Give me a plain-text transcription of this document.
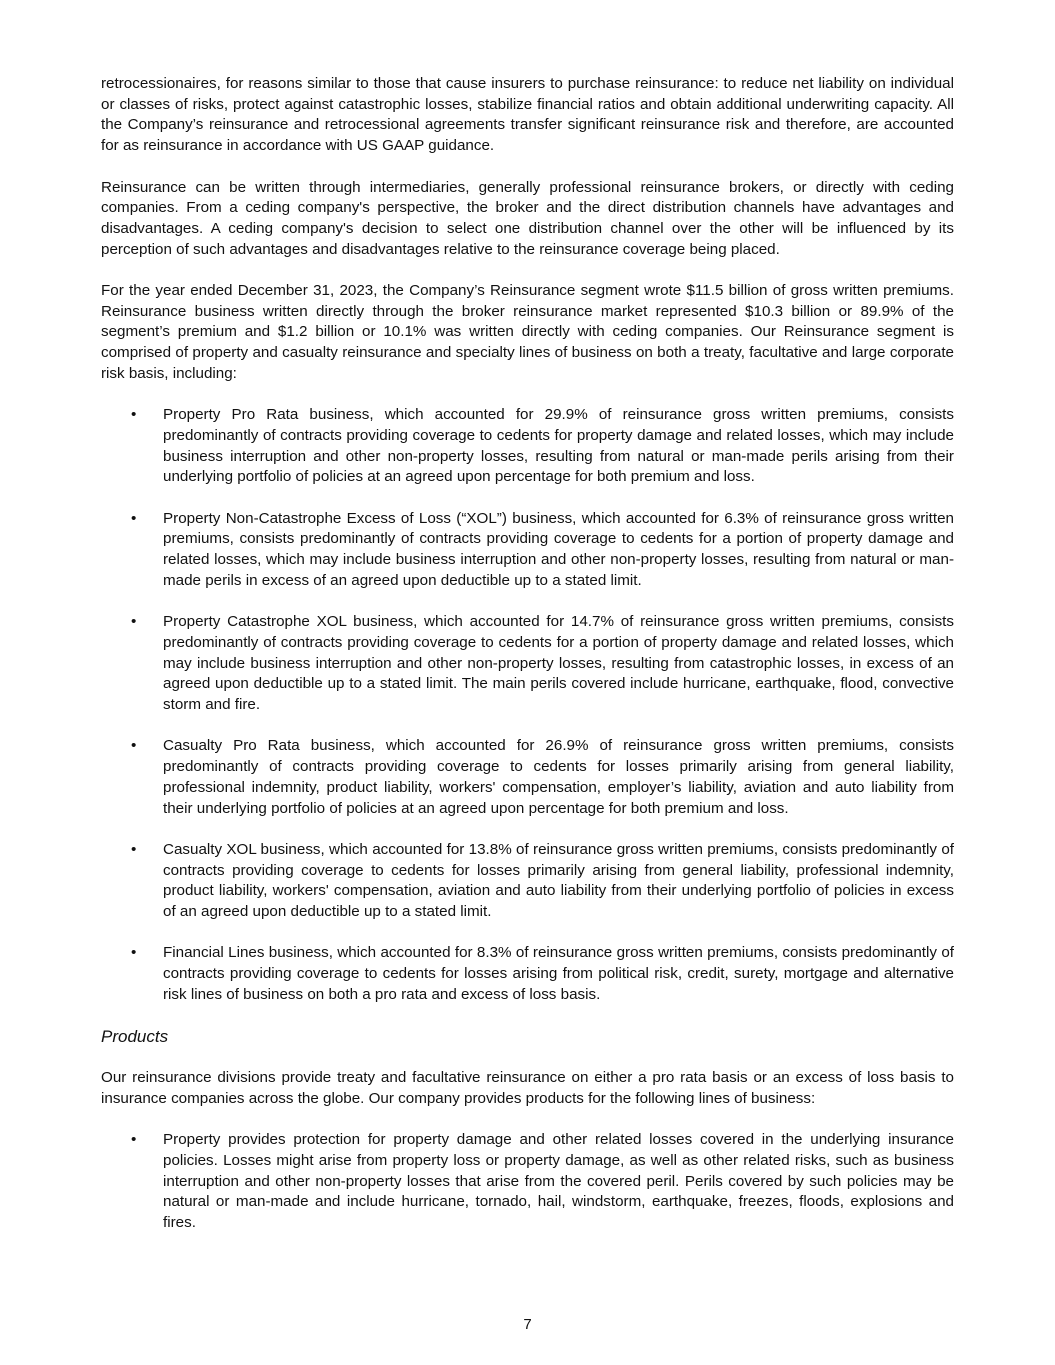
retrocessionaires, for reasons similar to those that cause insurers to purchase reinsurance: to reduce net liability on individual or classes of risks, protect against catastrophic losses, stabilize financial ratios and obtain additional underwriting capacity. All the Company’s reinsurance and retrocessional agreements transfer significant reinsurance risk and therefore, are accounted for as reinsurance in accordance with US GAAP guidance.

Reinsurance can be written through intermediaries, generally professional reinsurance brokers, or directly with ceding companies. From a ceding company's perspective, the broker and the direct distribution channels have advantages and disadvantages. A ceding company's decision to select one distribution channel over the other will be influenced by its perception of such advantages and disadvantages relative to the reinsurance coverage being placed.

For the year ended December 31, 2023, the Company’s Reinsurance segment wrote $11.5 billion of gross written premiums. Reinsurance business written directly through the broker reinsurance market represented $10.3 billion or 89.9% of the segment’s premium and $1.2 billion or 10.1% was written directly with ceding companies. Our Reinsurance segment is comprised of property and casualty reinsurance and specialty lines of business on both a treaty, facultative and large corporate risk basis, including:

• Property Pro Rata business, which accounted for 29.9% of reinsurance gross written premiums, consists predominantly of contracts providing coverage to cedents for property damage and related losses, which may include business interruption and other non-property losses, resulting from natural or man-made perils arising from their underlying portfolio of policies at an agreed upon percentage for both premium and loss.
• Property Non-Catastrophe Excess of Loss (“XOL”) business, which accounted for 6.3% of reinsurance gross written premiums, consists predominantly of contracts providing coverage to cedents for a portion of property damage and related losses, which may include business interruption and other non-property losses, resulting from natural or man-made perils in excess of an agreed upon deductible up to a stated limit.
• Property Catastrophe XOL business, which accounted for 14.7% of reinsurance gross written premiums, consists predominantly of contracts providing coverage to cedents for a portion of property damage and related losses, which may include business interruption and other non-property losses, resulting from catastrophic losses, in excess of an agreed upon deductible up to a stated limit. The main perils covered include hurricane, earthquake, flood, convective storm and fire.
• Casualty Pro Rata business, which accounted for 26.9% of reinsurance gross written premiums, consists predominantly of contracts providing coverage to cedents for losses primarily arising from general liability, professional indemnity, product liability, workers' compensation, employer’s liability, aviation and auto liability from their underlying portfolio of policies at an agreed upon percentage for both premium and loss.
• Casualty XOL business, which accounted for 13.8% of reinsurance gross written premiums, consists predominantly of contracts providing coverage to cedents for losses primarily arising from general liability, professional indemnity, product liability, workers' compensation, aviation and auto liability from their underlying portfolio of policies in excess of an agreed upon deductible up to a stated limit.
• Financial Lines business, which accounted for 8.3% of reinsurance gross written premiums, consists predominantly of contracts providing coverage to cedents for losses arising from political risk, credit, surety, mortgage and alternative risk lines of business on both a pro rata and excess of loss basis.
Products

Our reinsurance divisions provide treaty and facultative reinsurance on either a pro rata basis or an excess of loss basis to insurance companies across the globe. Our company provides products for the following lines of business:

• Property provides protection for property damage and other related losses covered in the underlying insurance policies. Losses might arise from property loss or property damage, as well as other related risks, such as business interruption and other non-property losses that arise from the covered peril. Perils covered by such policies may be natural or man-made and include hurricane, tornado, hail, windstorm, earthquake, freezes, floods, explosions and fires.
7
